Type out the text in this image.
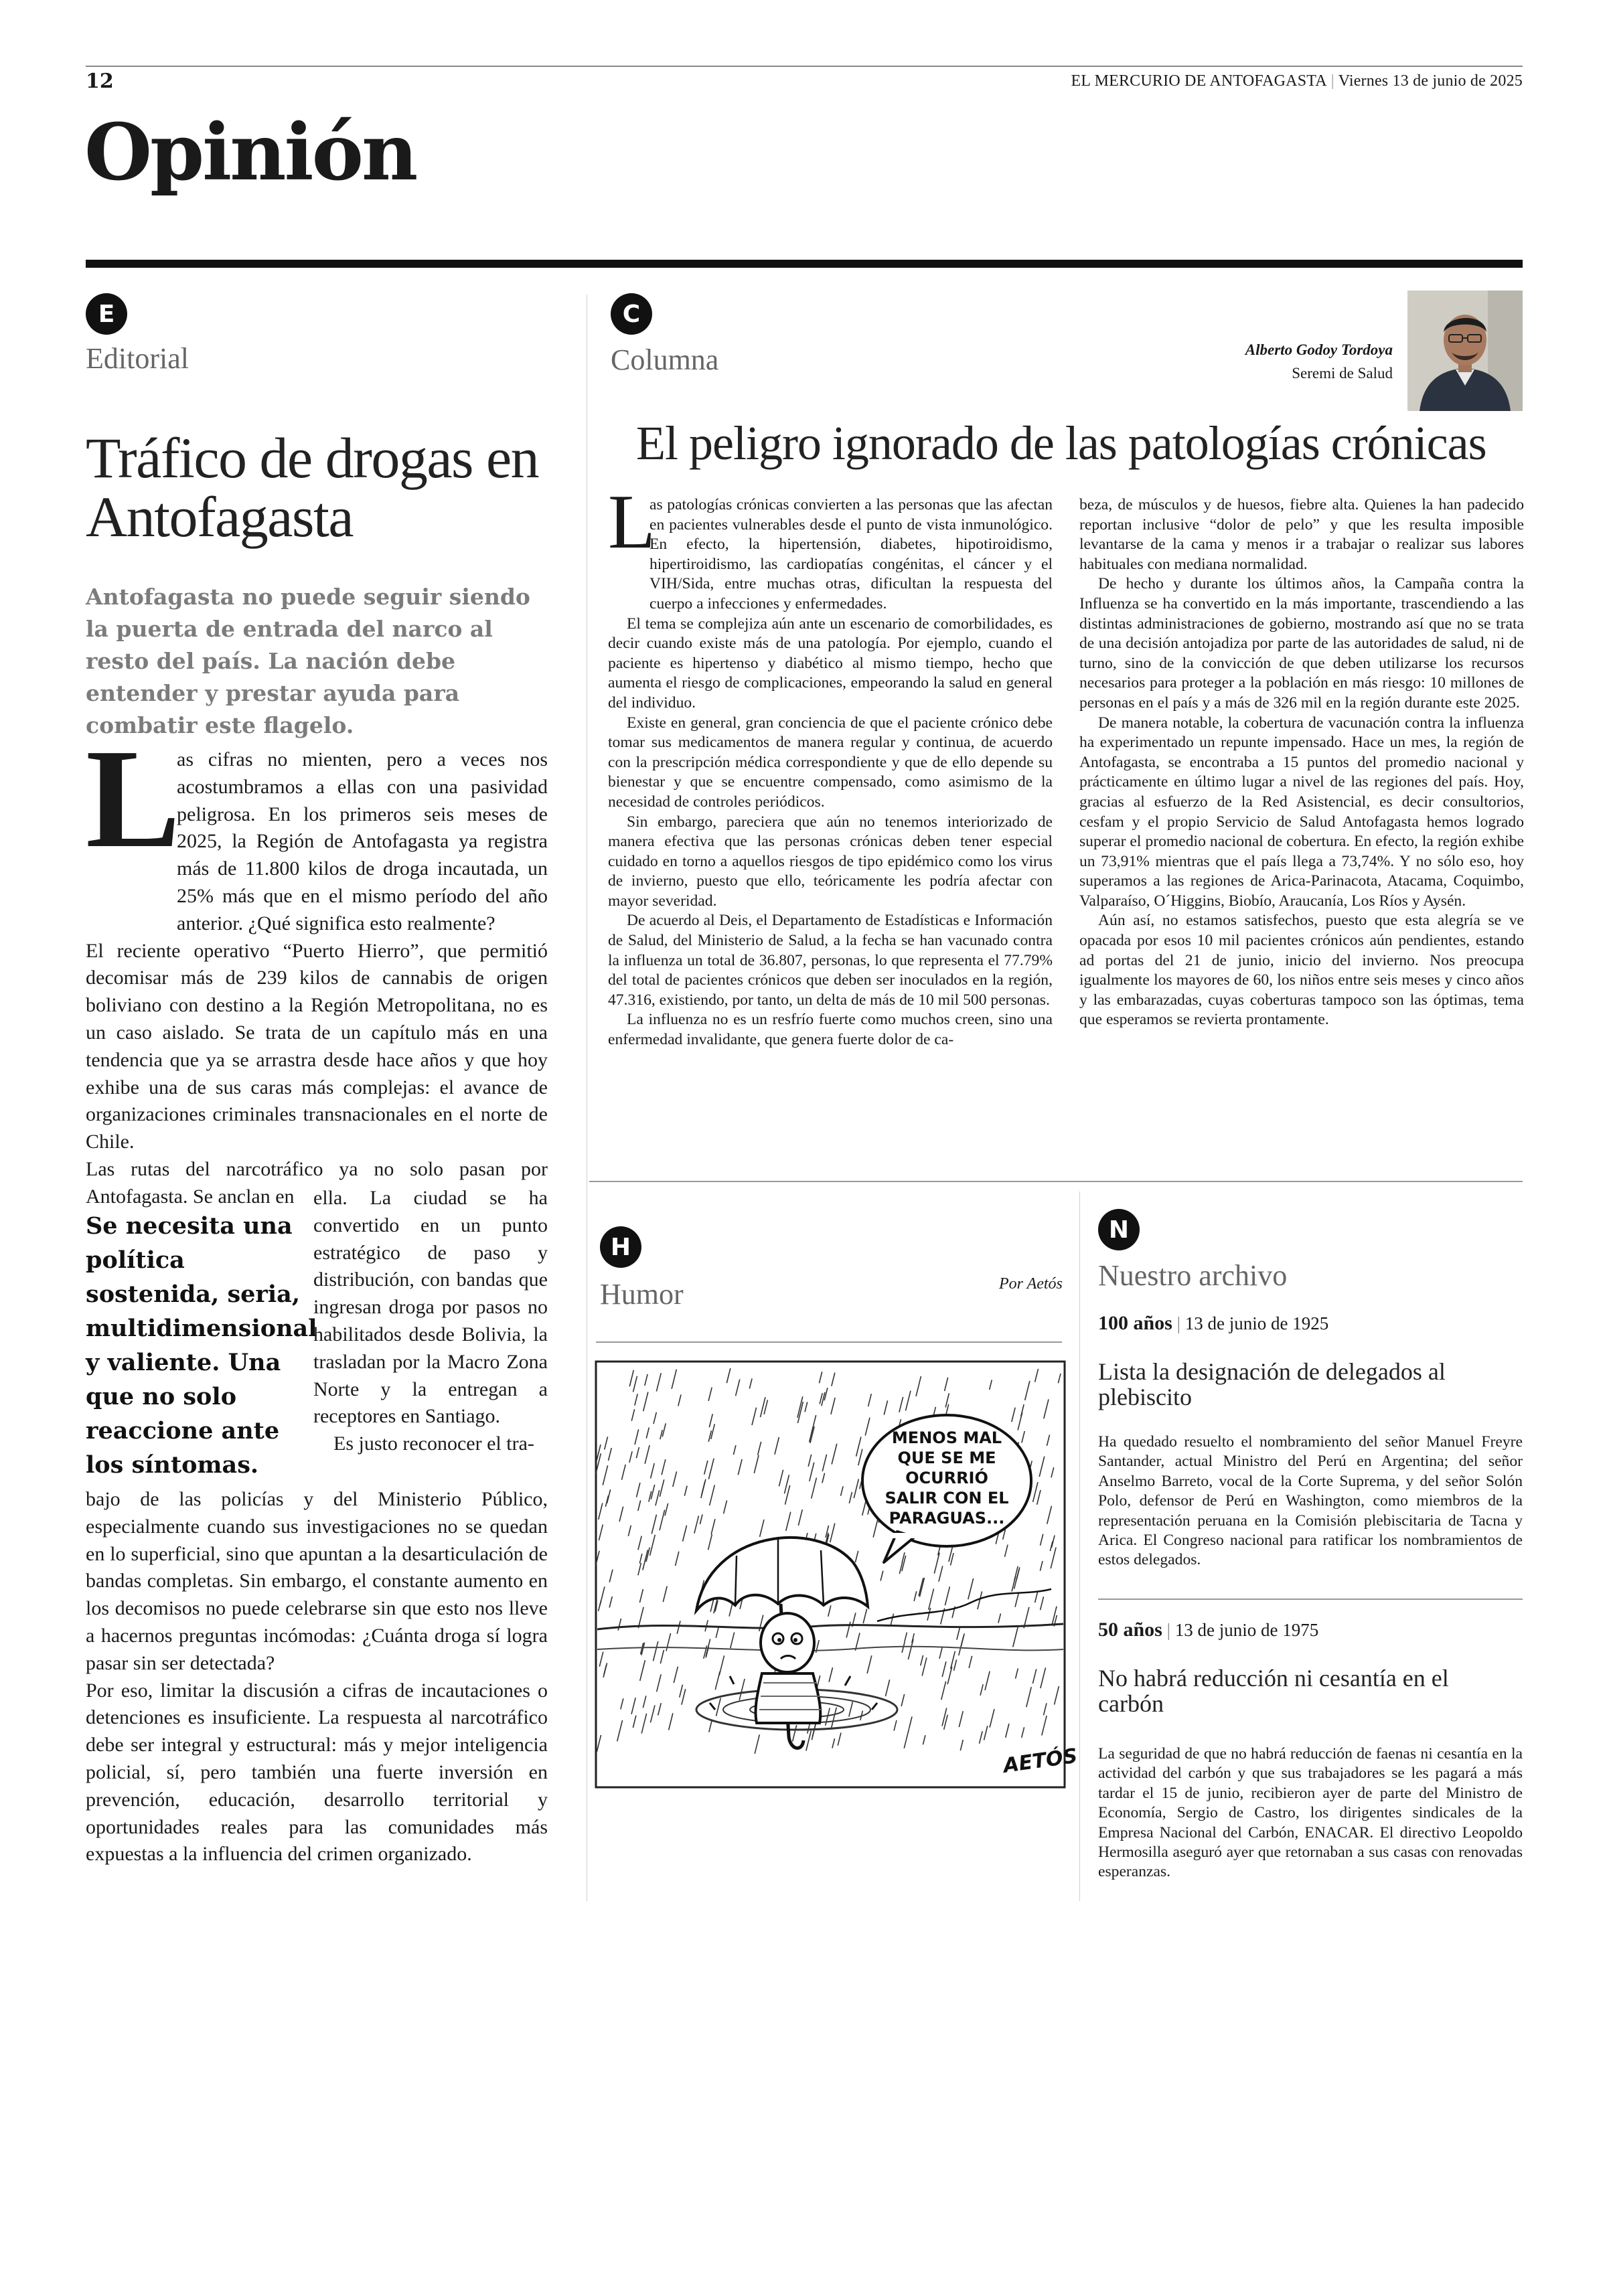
12	EL MERCURIO DE ANTOFAGASTA | Viernes 13 de junio de 2025
Opinión
E
Editorial
Tráfico de drogas en Antofagasta
Antofagasta no puede seguir siendo la puerta de entrada del narco al resto del país. La nación debe entender y prestar ayuda para combatir este flagelo.
L

as cifras no mienten, pero a veces nos acostumbramos a ellas con una pasividad peligrosa. En los primeros seis meses de 2025, la Región de Antofagasta ya registra más de 11.800 kilos de droga incautada, un 25% más que en el mismo período del año anterior. ¿Qué significa esto realmente?

El reciente operativo “Puerto Hierro”, que permitió decomisar más de 239 kilos de cannabis de origen boliviano con destino a la Región Metropolitana, no es un caso aislado. Se trata de un capítulo más en una tendencia que ya se arrastra desde hace años y que hoy exhibe una de sus caras más complejas: el avance de organizaciones criminales transnacionales en el norte de Chile.

Las rutas del narcotráfico ya no solo pasan por Antofagasta. Se anclan en

Se necesita una política sostenida, seria, multidimensional y valiente. Una que no solo reaccione ante los síntomas.

ella. La ciudad se ha convertido en un punto estratégico de paso y distribución, con bandas que ingresan droga por pasos no habilitados desde Bolivia, la trasladan por la Macro Zona Norte y la entregan a receptores en Santiago.

Es justo reconocer el tra-

bajo de las policías y del Ministerio Público, especialmente cuando sus investigaciones no se quedan en lo superficial, sino que apuntan a la desarticulación de bandas completas. Sin embargo, el constante aumento en los decomisos no puede celebrarse sin que esto nos lleve a hacernos preguntas incómodas: ¿Cuánta droga sí logra pasar sin ser detectada?

Por eso, limitar la discusión a cifras de incautaciones o detenciones es insuficiente. La respuesta al narcotráfico debe ser integral y estructural: más y mejor inteligencia policial, sí, pero también una fuerte inversión en prevención, educación, desarrollo territorial y oportunidades reales para las comunidades más expuestas a la influencia del crimen organizado.

C
Columna	Alberto Godoy Tordoya
Seremi de Salud
El peligro ignorado de las patologías crónicas
L

as patologías crónicas convierten a las personas que las afectan en pacientes vulnerables desde el punto de vista inmunológico. En efecto, la hipertensión, diabetes, hipotiroidismo, hipertiroidismo, las cardiopatías congénitas, el cáncer y el VIH/Sida, entre muchas otras, dificultan la respuesta del cuerpo a infecciones y enfermedades.

El tema se complejiza aún ante un escenario de comorbilidades, es decir cuando existe más de una patología. Por ejemplo, cuando el paciente es hipertenso y diabético al mismo tiempo, hecho que aumenta el riesgo de complicaciones, empeorando la salud en general del individuo.

Existe en general, gran conciencia de que el paciente crónico debe tomar sus medicamentos de manera regular y continua, de acuerdo con la prescripción médica correspondiente y que de ello depende su bienestar y que se encuentre compensado, como asimismo de la necesidad de controles periódicos.

Sin embargo, pareciera que aún no tenemos interiorizado de manera efectiva que las personas crónicas deben tener especial cuidado en torno a aquellos riesgos de tipo epidémico como los virus de invierno, puesto que ello, teóricamente les podría afectar con mayor severidad.

De acuerdo al Deis, el Departamento de Estadísticas e Información de Salud, del Ministerio de Salud, a la fecha se han vacunado contra la influenza un total de 36.807, personas, lo que representa el 77.79% del total de pacientes crónicos que deben ser inoculados en la región, 47.316, existiendo, por tanto, un delta de más de 10 mil 500 personas.

La influenza no es un resfrío fuerte como muchos creen, sino una enfermedad invalidante, que genera fuerte dolor de ca-

beza, de músculos y de huesos, fiebre alta. Quienes la han padecido reportan inclusive “dolor de pelo” y que les resulta imposible levantarse de la cama y menos ir a trabajar o realizar sus labores habituales con mediana normalidad.

De hecho y durante los últimos años, la Campaña contra la Influenza se ha convertido en la más importante, trascendiendo a las distintas administraciones de gobierno, mostrando así que no se trata de una decisión antojadiza por parte de las autoridades de salud, ni de turno, sino de la convicción de que deben utilizarse los recursos necesarios para proteger a la población en más riesgo: 10 millones de personas en el país y a más de 326 mil en la región durante este 2025.

De manera notable, la cobertura de vacunación contra la influenza ha experimentado un repunte impensado. Hace un mes, la región de Antofagasta, se encontraba a 15 puntos del promedio nacional y prácticamente en último lugar a nivel de las regiones del país. Hoy, gracias al esfuerzo de la Red Asistencial, es decir consultorios, cesfam y el propio Servicio de Salud Antofagasta hemos logrado superar el promedio nacional de cobertura. En efecto, la región exhibe un 73,91% mientras que el país llega a 73,74%. Y no sólo eso, hoy superamos a las regiones de Arica-Parinacota, Atacama, Coquimbo, Valparaíso, O´Higgins, Biobío, Araucanía, Los Ríos y Aysén.

Aún así, no estamos satisfechos, puesto que esta alegría se ve opacada por esos 10 mil pacientes crónicos aún pendientes, estando ad portas del 21 de junio, inicio del invierno. Nos preocupa igualmente los mayores de 60, los niños entre seis meses y cinco años y las embarazadas, cuyas coberturas tampoco son las óptimas, tema que esperamos se revierta prontamente.

H
Humor	Por Aetós
MENOS MAL
QUE SE ME
OCURRIÓ
SALIR CON EL
PARAGUAS...
AETÓS
N
Nuestro archivo
100 años | 13 de junio de 1925
Lista la designación de delegados al plebiscito
Ha quedado resuelto el nombramiento del señor Manuel Freyre Santander, actual Ministro del Perú en Argentina; del señor Anselmo Barreto, vocal de la Corte Suprema, y del señor Solón Polo, defensor de Perú en Washington, como miembros de la representación peruana en la Comisión plebiscitaria de Tacna y Arica. El Congreso nacional para ratificar los nombramientos de estos delegados.
50 años | 13 de junio de 1975
No habrá reducción ni cesantía en el carbón
La seguridad de que no habrá reducción de faenas ni cesantía en la actividad del carbón y que sus trabajadores se les pagará a más tardar el 15 de junio, recibieron ayer de parte del Ministro de Economía, Sergio de Castro, los dirigentes sindicales de la Empresa Nacional del Carbón, ENACAR. El directivo Leopoldo Hermosilla aseguró ayer que retornaban a sus casas con renovadas esperanzas.
